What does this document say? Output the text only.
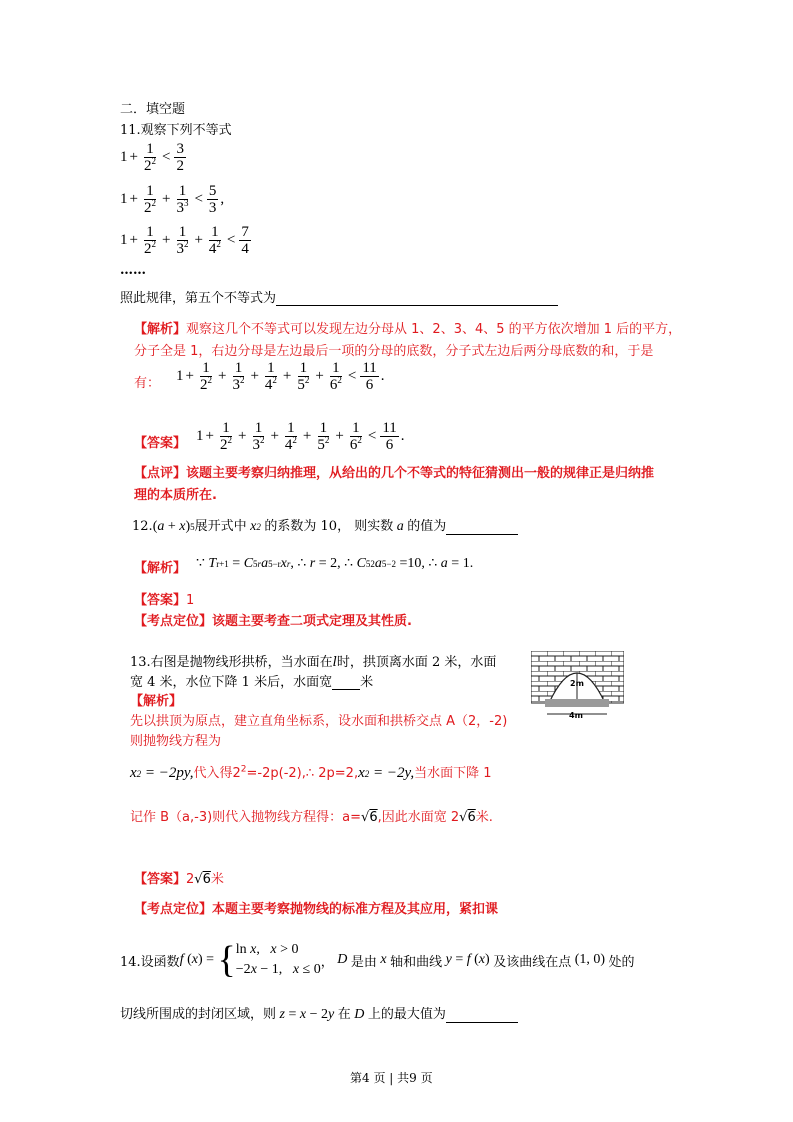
二．填空题
11.观察下列不等式
$1 + \frac{1}{2^2} < \frac{3}{2}$
$1 + \frac{1}{2^2} + \frac{1}{3^3} < \frac{5}{3}$ ,
$1 + \frac{1}{2^2} + \frac{1}{3^2} + \frac{1}{4^2} < \frac{7}{4}$
……
照此规律，第五个不等式为
【解析】观察这几个不等式可以发现左边分母从 1、2、3、4、5 的平方依次增加 1 后的平方，
分子全是 1，右边分母是左边最后一项的分母的底数，分子式左边后两分母底数的和，于是
有： $1 + \frac{1}{2^2} + \frac{1}{3^2} + \frac{1}{4^2} + \frac{1}{5^2} + \frac{1}{6^2} < \frac{11}{6}$ .
【答案】 $1 + \frac{1}{2^2} + \frac{1}{3^2} + \frac{1}{4^2} + \frac{1}{5^2} + \frac{1}{6^2} < \frac{11}{6}$ .
【点评】该题主要考察归纳推理，从给出的几个不等式的特征猜测出一般的规律正是归纳推
理的本质所在.
12.( a + x ) 5 展开式中 x 2 的系数为 10， 则实数 a 的值为
【解析】 ∵ T r+1 = C 5 r a 5−r x r , ∴ r = 2, ∴ C 5 2 a 5−2 =10, ∴ a = 1.
【答案】1
【考点定位】该题主要考查二项式定理及其性质.
13.右图是抛物线形拱桥，当水面在l时，拱顶离水面 2 米，水面
宽 4 米，水位下降 1 米后，水面宽 米	2m
4m
【解析】
先以拱顶为原点，建立直角坐标系，设水面和拱桥交点 A（2，-2)
则抛物线方程为
x 2 = −2py,代入得$2^2=-2p(-2),\therefore$ 2p=2,x 2 = −2y,当水面下降 1
记作 B（a,-3)则代入抛物线方程得：a=√6,因此水面宽 2√6米.
【答案】2√6米
【考点定位】本题主要考察抛物线的标准方程及其应用，紧扣课
14.设函数 f ( x ) = { ln x,   x > 0
−2x − 1,   x ≤ 0 ， D 是由 x 轴和曲线
y = f ( x ) 及该曲线在点 (1, 0) 处的
切线所围成的封闭区域，则 z = x − 2 y 在 D 上的最大值为
第4 页 | 共9 页
